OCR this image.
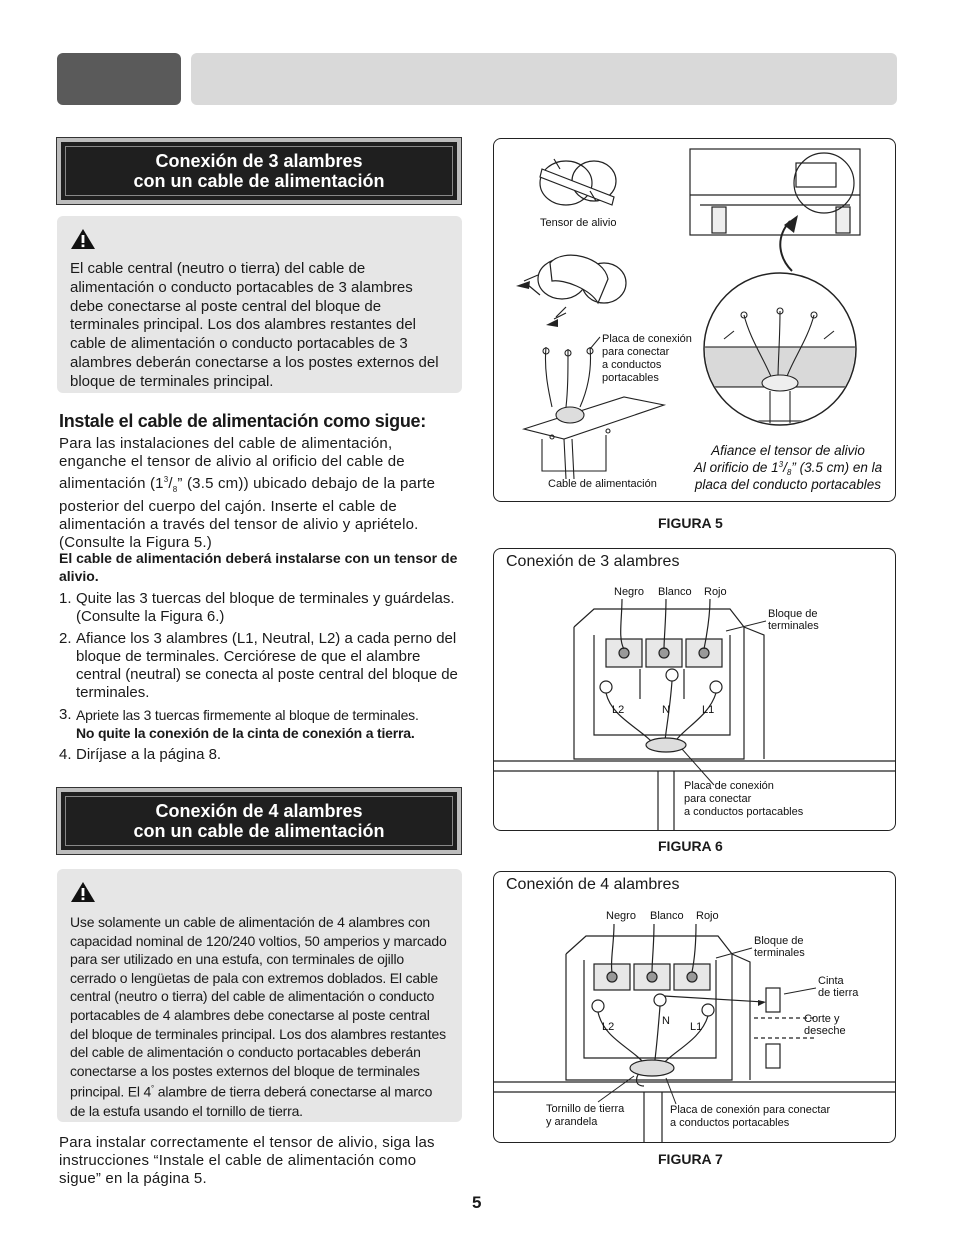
Conexión de 3 alambres
con un cable de alimentación

El cable central (neutro o tierra) del cable de alimentación o conducto portacables de 3 alambres debe conectarse al poste central del bloque de terminales principal. Los dos alambres restantes del cable de alimentación o conducto portacables de 3 alambres deberán conectarse a los postes externos del bloque de terminales principal.

Instale el cable de alimentación como sigue:

Para las instalaciones del cable de alimentación, enganche el tensor de alivio al orificio del cable de alimentación ($1^3/_8$” (3.5 cm)) ubicado debajo de la parte posterior del cuerpo del cajón. Inserte el cable de alimentación a través del tensor de alivio y apriételo. (Consulte la Figura 5.)

El cable de alimentación deberá instalarse con un tensor de alivio.

1. Quite las 3 tuercas del bloque de terminales y guárdelas. (Consulte la Figura 6.)
2. Afiance los 3 alambres (L1, Neutral, L2) a cada perno del bloque de terminales. Cerciórese de que el alambre central (neutral) se conecta al poste central del bloque de terminales.
3. Apriete las 3 tuercas firmemente al bloque de terminales.
No quite la conexión de la cinta de conexión a tierra.
4. Diríjase a la página 8.
Conexión de 4 alambres
con un cable de alimentación

Use solamente un cable de alimentación de 4 alambres con capacidad nominal de 120/240 voltios, 50 amperios y marcado para ser utilizado en una estufa, con terminales de ojillo cerrado o lengüetas de pala con extremos doblados. El cable central (neutro o tierra) del cable de alimentación o conducto portacables de 4 alambres debe conectarse al poste central del bloque de terminales principal. Los dos alambres restantes del cable de alimentación o conducto portacables deberán conectarse a los postes externos del bloque de terminales principal. El 4° alambre de tierra deberá conectarse al marco de la estufa usando el tornillo de tierra.

Para instalar correctamente el tensor de alivio, siga las instrucciones “Instale el cable de alimentación como sigue” en la página 5.

Tensor de alivio
Placa de conexión
para conectar
a conductos
portacables
Cable de alimentación
Afiance el tensor de alivio
Al orificio de $1^3/_8$” (3.5 cm) en la
placa del conducto portacables

FIGURA 5

Conexión de 3 alambres

Negro Blanco Rojo
Bloque de
terminales
L2	N	L1
Placa de conexión
para conectar
a conductos portacables

FIGURA 6

Conexión de 4 alambres

Negro Blanco Rojo
Bloque de
terminales
Cinta
de tierra
Corte y
deseche
L2	N L1
Tornillo de tierra
y arandela
Placa de conexión para conectar
a conductos portacables

FIGURA 7

5
